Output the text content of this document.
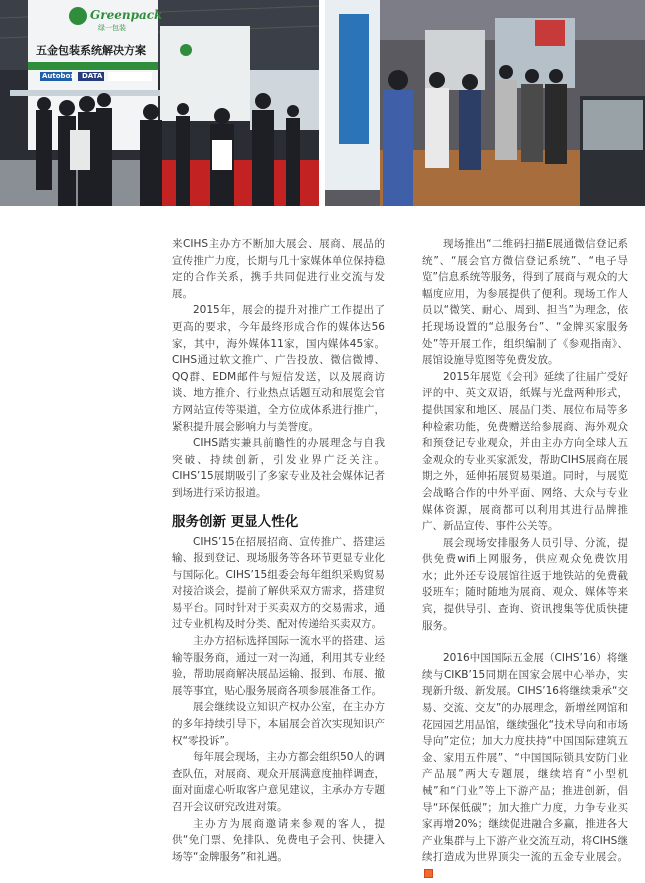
Greenpack
绿一包装
五金包装系统解决方案
Autobox DATA

来CIHS主办方不断加大展会、展商、展品的宣传推广力度，长期与几十家媒体单位保持稳定的合作关系，携手共同促进行业交流与发展。

2015年，展会的提升对推广工作提出了更高的要求，今年最终形成合作的媒体达56家，其中，海外媒体11家，国内媒体45家。CIHS通过软文推广、广告投放、微信微博、QQ群、EDM邮件与短信发送，以及展商访谈、地方推介、行业热点话题互动和展览会官方网站宣传等渠道，全方位成体系进行推广，紧积提升展会影响力与美誉度。

CIHS踏实兼具前瞻性的办展理念与自我突破、持续创新，引发业界广泛关注。CIHS’15展期吸引了多家专业及社会媒体记者到场进行采访报道。

服务创新 更显人性化

CIHS’15在招展招商、宣传推广、搭建运输、报到登记、现场服务等各环节更显专业化与国际化。CIHS’15组委会每年组织采购贸易对接洽谈会，提前了解供采双方需求，搭建贸易平台。同时针对于买卖双方的交易需求，通过专业机构及时分类、配对传递给买卖双方。

主办方招标选择国际一流水平的搭建、运输等服务商，通过一对一沟通，利用其专业经验，帮助展商解决展品运输、报到、布展、撤展等事宜，贴心服务展商各项参展准备工作。

展会继续设立知识产权办公室，在主办方的多年持续引导下，本届展会首次实现知识产权“零投诉”。

每年展会现场，主办方都会组织50人的调查队伍，对展商、观众开展满意度抽样调查，面对面虚心听取客户意见建议，主承办方专题召开会议研究改进对策。

主办方为展商邀请来参观的客人，提供“免门票、免排队、免费电子会刊、快捷入场等“金牌服务”和礼遇。

现场推出“二维码扫描E展通微信登记系统”、“展会官方微信登记系统”、“电子导览”信息系统等服务，得到了展商与观众的大幅度应用，为参展提供了便利。现场工作人员以“微笑、耐心、周到、担当”为理念，依托现场设置的“总服务台”、“金牌买家服务处”等开展工作，组织编制了《参观指南》、展馆设施导览图等免费发放。

2015年展览《会刊》延续了往届广受好评的中、英文双语，纸媒与光盘两种形式，提供国家和地区、展品门类、展位布局等多种检索功能，免费赠送给参展商、海外观众和预登记专业观众，并由主办方向全球人五金观众的专业买家派发，帮助CIHS展商在展期之外，延伸拓展贸易渠道。同时，与展览会战略合作的中外平面、网络、大众与专业媒体资源，展商都可以利用其进行品牌推广、新品宣传、事件公关等。

展会现场安排服务人员引导、分流，提供免费wifi上网服务，供应观众免费饮用水；此外还专设展馆往返于地铁站的免费截驳班车；随时随地为展商、观众、媒体等来宾，提供导引、查询、资讯搜集等优质快捷服务。

2016中国国际五金展（CIHS’16）将继续与CIKB’15同期在国家会展中心举办，实现新升级、新发展。CIHS’16将继续秉承“交易、交流、交友”的办展理念，新增丝网馆和花园园艺用品馆，继续强化“技术导向和市场导向”定位；加大力度扶持“中国国际建筑五金、家用五件展”、“中国国际锁具安防门业产品展”两大专题展，继续培育“小型机械”和“门业”等上下游产品；推进创新，倡导“环保低碳”；加大推广力度，力争专业买家再增20%；继续促进融合多赢，推进各大产业集群与上下游产业交流互动，将CIHS继续打造成为世界顶尖一流的五金专业展会。
